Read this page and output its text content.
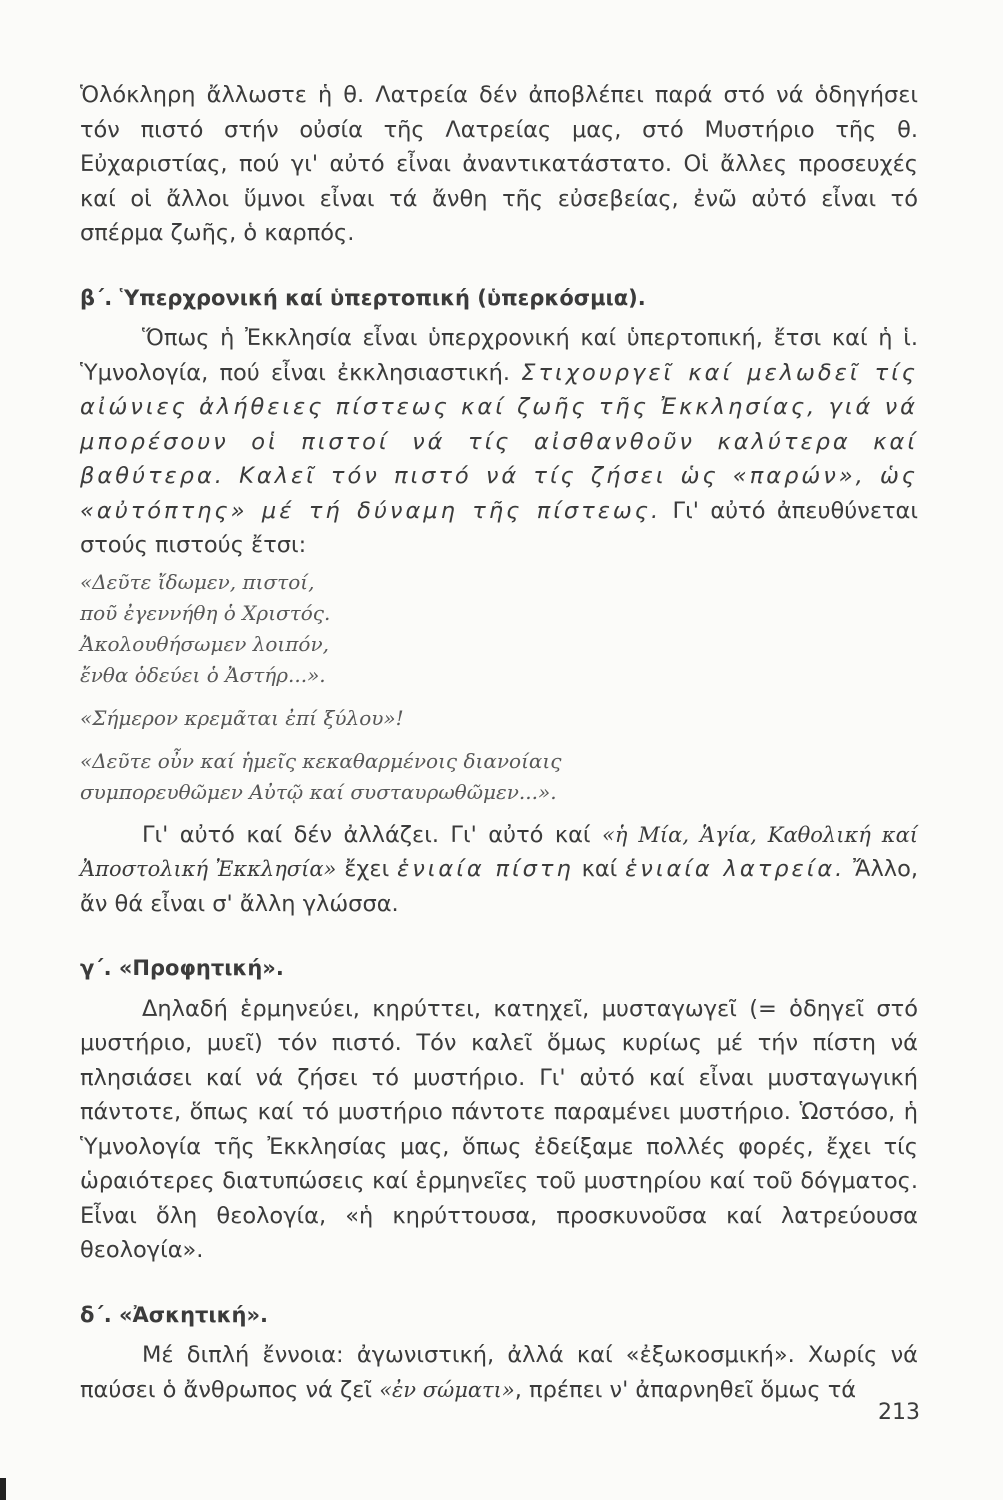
Ὁλόκληρη ἄλλωστε ἡ θ. Λατρεία δέν ἀποβλέπει παρά στό νά ὁδηγήσει τόν πιστό στήν οὐσία τῆς Λατρείας μας, στό Μυστήριο τῆς θ. Εὐχαριστίας, πού γι' αὐτό εἶναι ἀναντικατάστατο. Οἱ ἄλλες προσευχές καί οἱ ἄλλοι ὕμνοι εἶναι τά ἄνθη τῆς εὐσεβείας, ἐνῶ αὐτό εἶναι τό σπέρμα ζωῆς, ὁ καρπός.

β΄. Ὑπερχρονική καί ὑπερτοπική (ὑπερκόσμια).

Ὅπως ἡ Ἐκκλησία εἶναι ὑπερχρονική καί ὑπερτοπική, ἔτσι καί ἡ ἱ. Ὑμνολογία, πού εἶναι ἐκκλησιαστική. Στιχουργεῖ καί μελωδεῖ τίς αἰώνιες ἀλήθειες πίστεως καί ζωῆς τῆς Ἐκκλησίας, γιά νά μπορέσουν οἱ πιστοί νά τίς αἰσθανθοῦν καλύτερα καί βαθύτερα. Καλεῖ τόν πιστό νά τίς ζήσει ὡς «παρών», ὡς «αὐτόπτης» μέ τή δύναμη τῆς πίστεως. Γι' αὐτό ἀπευθύνεται στούς πιστούς ἔτσι:

«Δεῦτε ἴδωμεν, πιστοί,
ποῦ ἐγεννήθη ὁ Χριστός.
Ἀκολουθήσωμεν λοιπόν,
ἔνθα ὁδεύει ὁ Ἀστήρ...».
«Σήμερον κρεμᾶται ἐπί ξύλου»!
«Δεῦτε οὖν καί ἡμεῖς κεκαθαρμένοις διανοίαις
συμπορευθῶμεν Αὐτῷ καί συσταυρωθῶμεν...».

Γι' αὐτό καί δέν ἀλλάζει. Γι' αὐτό καί «ἡ Μία, Ἁγία, Καθολική καί Ἀποστολική Ἐκκλησία» ἔχει ἑνιαία πίστη καί ἑνιαία λατρεία. Ἄλλο, ἄν θά εἶναι σ' ἄλλη γλώσσα.

γ΄. «Προφητική».

Δηλαδή ἑρμηνεύει, κηρύττει, κατηχεῖ, μυσταγωγεῖ (= ὁδηγεῖ στό μυστήριο, μυεῖ) τόν πιστό. Τόν καλεῖ ὅμως κυρίως μέ τήν πίστη νά πλησιάσει καί νά ζήσει τό μυστήριο. Γι' αὐτό καί εἶναι μυσταγωγική πάντοτε, ὅπως καί τό μυστήριο πάντοτε παραμένει μυστήριο. Ὡστόσο, ἡ Ὑμνολογία τῆς Ἐκκλησίας μας, ὅπως ἐδείξαμε πολλές φορές, ἔχει τίς ὡραιότερες διατυπώσεις καί ἑρμηνεῖες τοῦ μυστηρίου καί τοῦ δόγματος. Εἶναι ὅλη θεολογία, «ἡ κηρύττουσα, προσκυνοῦσα καί λατρεύουσα θεολογία».

δ΄. «Ἀσκητική».

Μέ διπλή ἔννοια: ἀγωνιστική, ἀλλά καί «ἐξωκοσμική». Χωρίς νά παύσει ὁ ἄνθρωπος νά ζεῖ «ἐν σώματι», πρέπει ν' ἀπαρνηθεῖ ὅμως τά

213
